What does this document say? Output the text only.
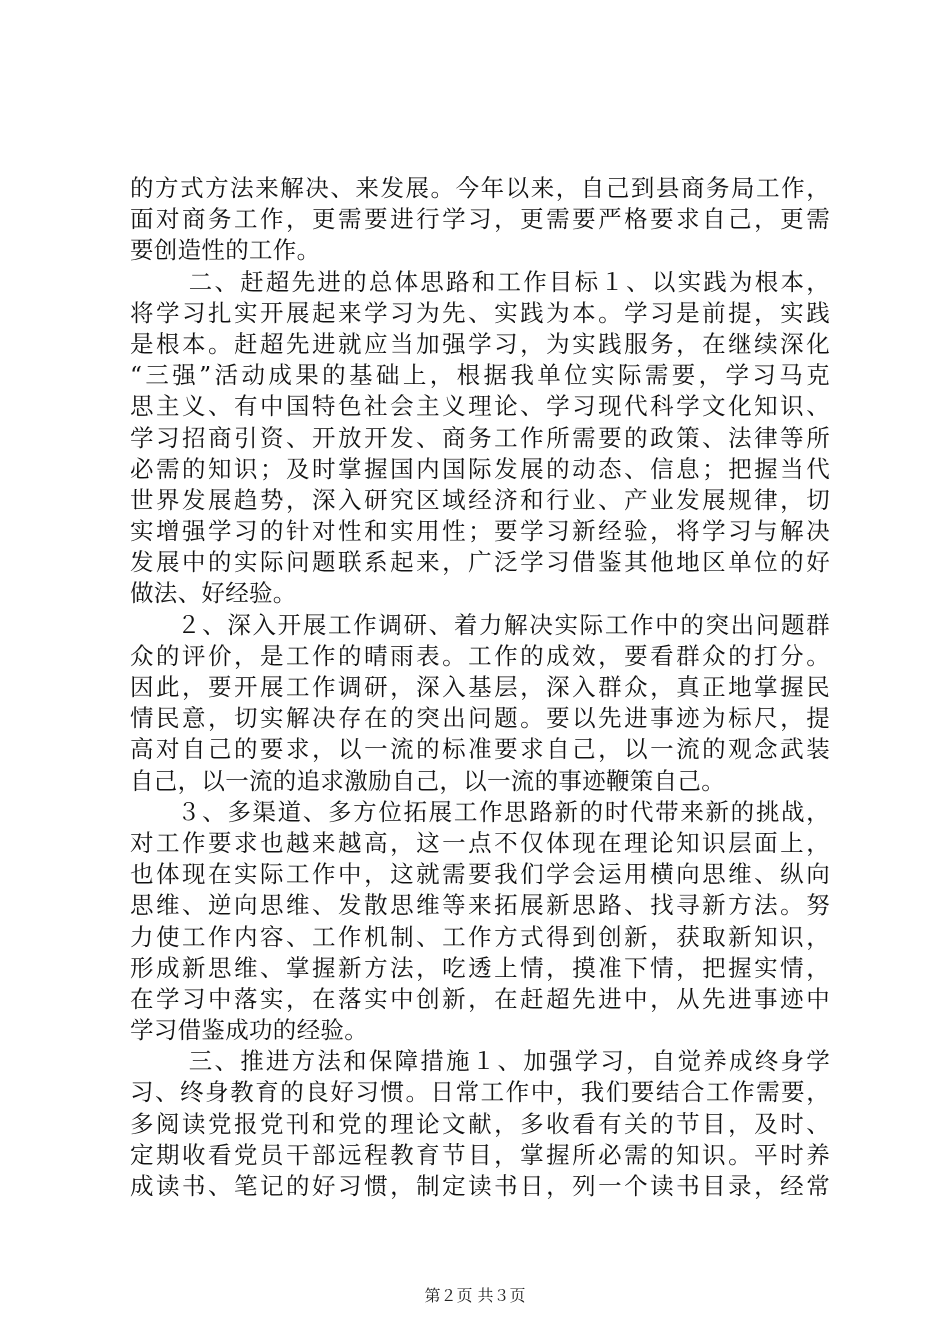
的方式方法来解决、来发展。今年以来，自己到县商务局工作，
面对商务工作，更需要进行学习，更需要严格要求自己，更需
要创造性的工作。
二、赶超先进的总体思路和工作目标１、以实践为根本，
将学习扎实开展起来学习为先、实践为本。学习是前提，实践
是根本。赶超先进就应当加强学习，为实践服务，在继续深化
“三强”活动成果的基础上，根据我单位实际需要，学习马克
思主义、有中国特色社会主义理论、学习现代科学文化知识、
学习招商引资、开放开发、商务工作所需要的政策、法律等所
必需的知识；及时掌握国内国际发展的动态、信息；把握当代
世界发展趋势，深入研究区域经济和行业、产业发展规律，切
实增强学习的针对性和实用性；要学习新经验，将学习与解决
发展中的实际问题联系起来，广泛学习借鉴其他地区单位的好
做法、好经验。
２、深入开展工作调研、着力解决实际工作中的突出问题群
众的评价，是工作的晴雨表。工作的成效，要看群众的打分。
因此，要开展工作调研，深入基层，深入群众，真正地掌握民
情民意，切实解决存在的突出问题。要以先进事迹为标尺，提
高对自己的要求，以一流的标准要求自己，以一流的观念武装
自己，以一流的追求激励自己，以一流的事迹鞭策自己。
３、多渠道、多方位拓展工作思路新的时代带来新的挑战，
对工作要求也越来越高，这一点不仅体现在理论知识层面上，
也体现在实际工作中，这就需要我们学会运用横向思维、纵向
思维、逆向思维、发散思维等来拓展新思路、找寻新方法。努
力使工作内容、工作机制、工作方式得到创新，获取新知识，
形成新思维、掌握新方法，吃透上情，摸准下情，把握实情，
在学习中落实，在落实中创新，在赶超先进中，从先进事迹中
学习借鉴成功的经验。
三、推进方法和保障措施１、加强学习，自觉养成终身学
习、终身教育的良好习惯。日常工作中，我们要结合工作需要，
多阅读党报党刊和党的理论文献，多收看有关的节目，及时、
定期收看党员干部远程教育节目，掌握所必需的知识。平时养
成读书、笔记的好习惯，制定读书日，列一个读书目录，经常
第２页 共３页
